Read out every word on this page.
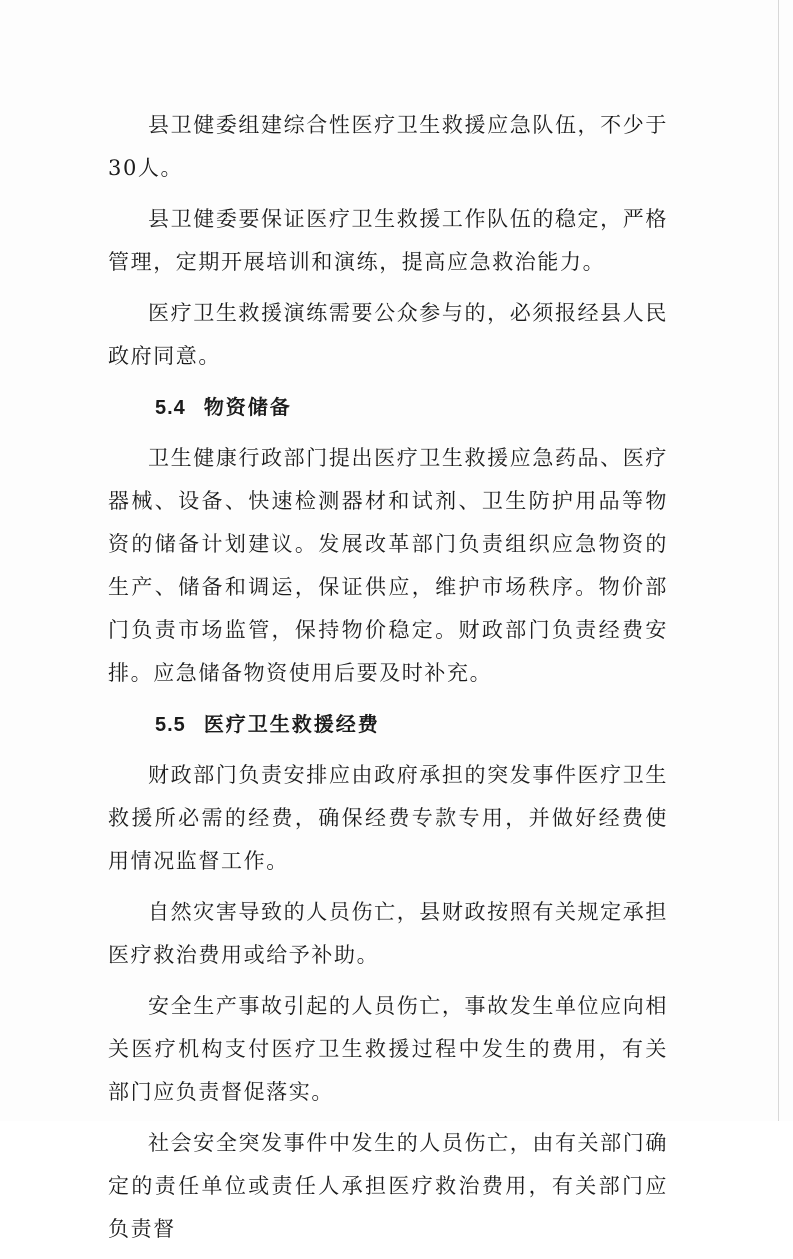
县卫健委组建综合性医疗卫生救援应急队伍，不少于30人。

县卫健委要保证医疗卫生救援工作队伍的稳定，严格管理，定期开展培训和演练，提高应急救治能力。

医疗卫生救援演练需要公众参与的，必须报经县人民政府同意。

5.4 物资储备

卫生健康行政部门提出医疗卫生救援应急药品、医疗器械、设备、快速检测器材和试剂、卫生防护用品等物资的储备计划建议。发展改革部门负责组织应急物资的生产、储备和调运，保证供应，维护市场秩序。物价部门负责市场监管，保持物价稳定。财政部门负责经费安排。应急储备物资使用后要及时补充。

5.5 医疗卫生救援经费

财政部门负责安排应由政府承担的突发事件医疗卫生救援所必需的经费，确保经费专款专用，并做好经费使用情况监督工作。

自然灾害导致的人员伤亡，县财政按照有关规定承担医疗救治费用或给予补助。

安全生产事故引起的人员伤亡，事故发生单位应向相关医疗机构支付医疗卫生救援过程中发生的费用，有关部门应负责督促落实。

社会安全突发事件中发生的人员伤亡，由有关部门确定的责任单位或责任人承担医疗救治费用，有关部门应负责督
